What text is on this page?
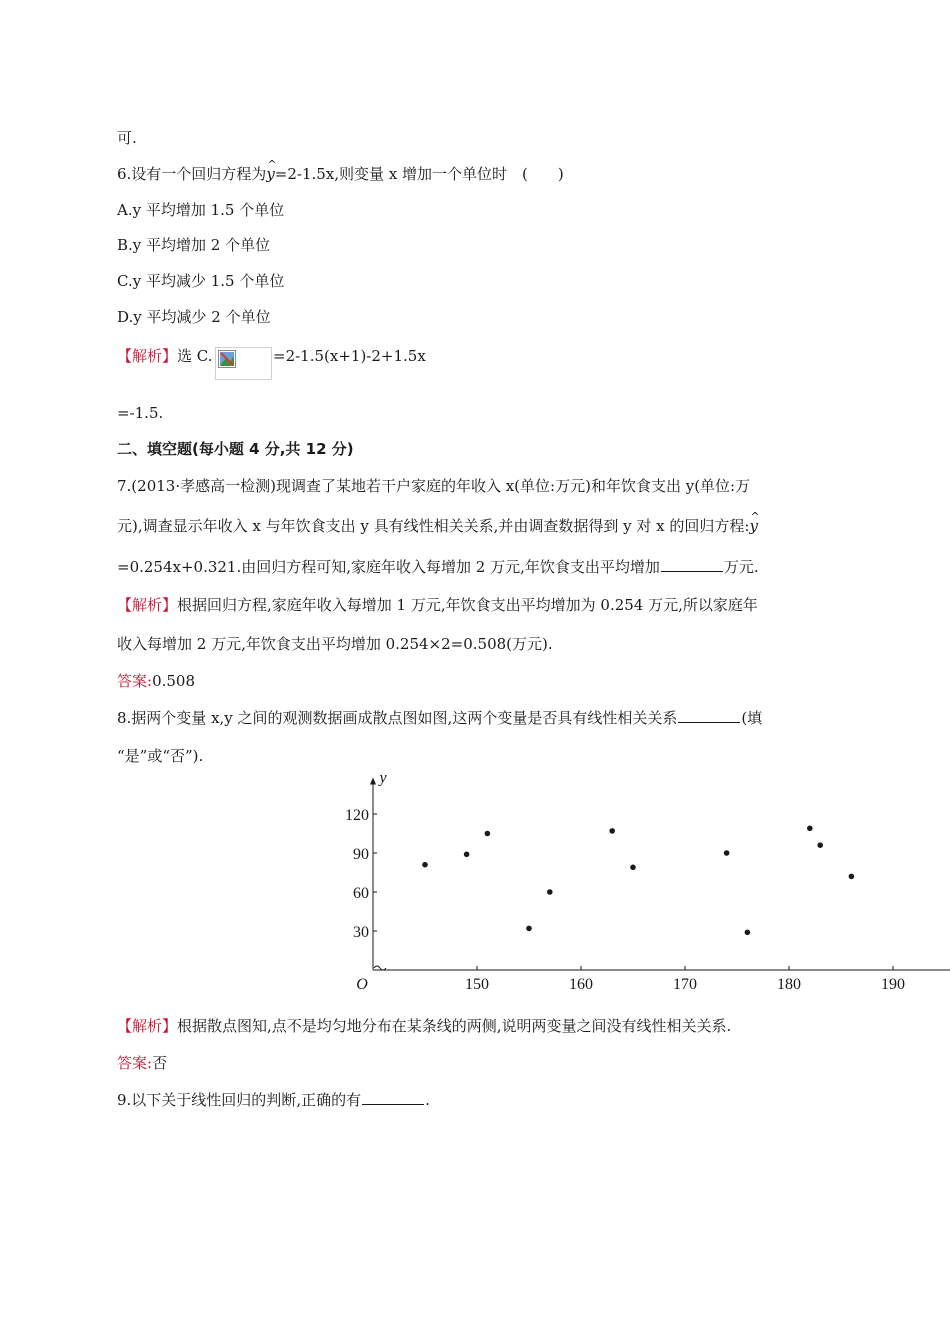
可.
6.设有一个回归方程为^ y=2-1.5x,则变量 x 增加一个单位时　(　　)
A.y 平均增加 1.5 个单位
B.y 平均增加 2 个单位
C.y 平均减少 1.5 个单位
D.y 平均减少 2 个单位
【解析】选 C.	=2-1.5(x+1)-2+1.5x
=-1.5.
二、填空题(每小题 4 分,共 12 分)
7.(2013·孝感高一检测)现调查了某地若干户家庭的年收入 x(单位:万元)和年饮食支出 y(单位:万
元),调查显示年收入 x 与年饮食支出 y 具有线性相关关系,并由调查数据得到 y 对 x 的回归方程:^ y
=0.254x+0.321.由回归方程可知,家庭年收入每增加 2 万元,年饮食支出平均增加	万元.
【解析】根据回归方程,家庭年收入每增加 1 万元,年饮食支出平均增加为 0.254 万元,所以家庭年
收入每增加 2 万元,年饮食支出平均增加 0.254×2=0.508(万元).
答案:0.508
8.据两个变量 x,y 之间的观测数据画成散点图如图,这两个变量是否具有线性相关关系	(填
“是”或“否”).
150	160	170	180	190
30
60
90
120
O
y
【解析】根据散点图知,点不是均匀地分布在某条线的两侧,说明两变量之间没有线性相关关系.
答案:否
9.以下关于线性回归的判断,正确的有	.
